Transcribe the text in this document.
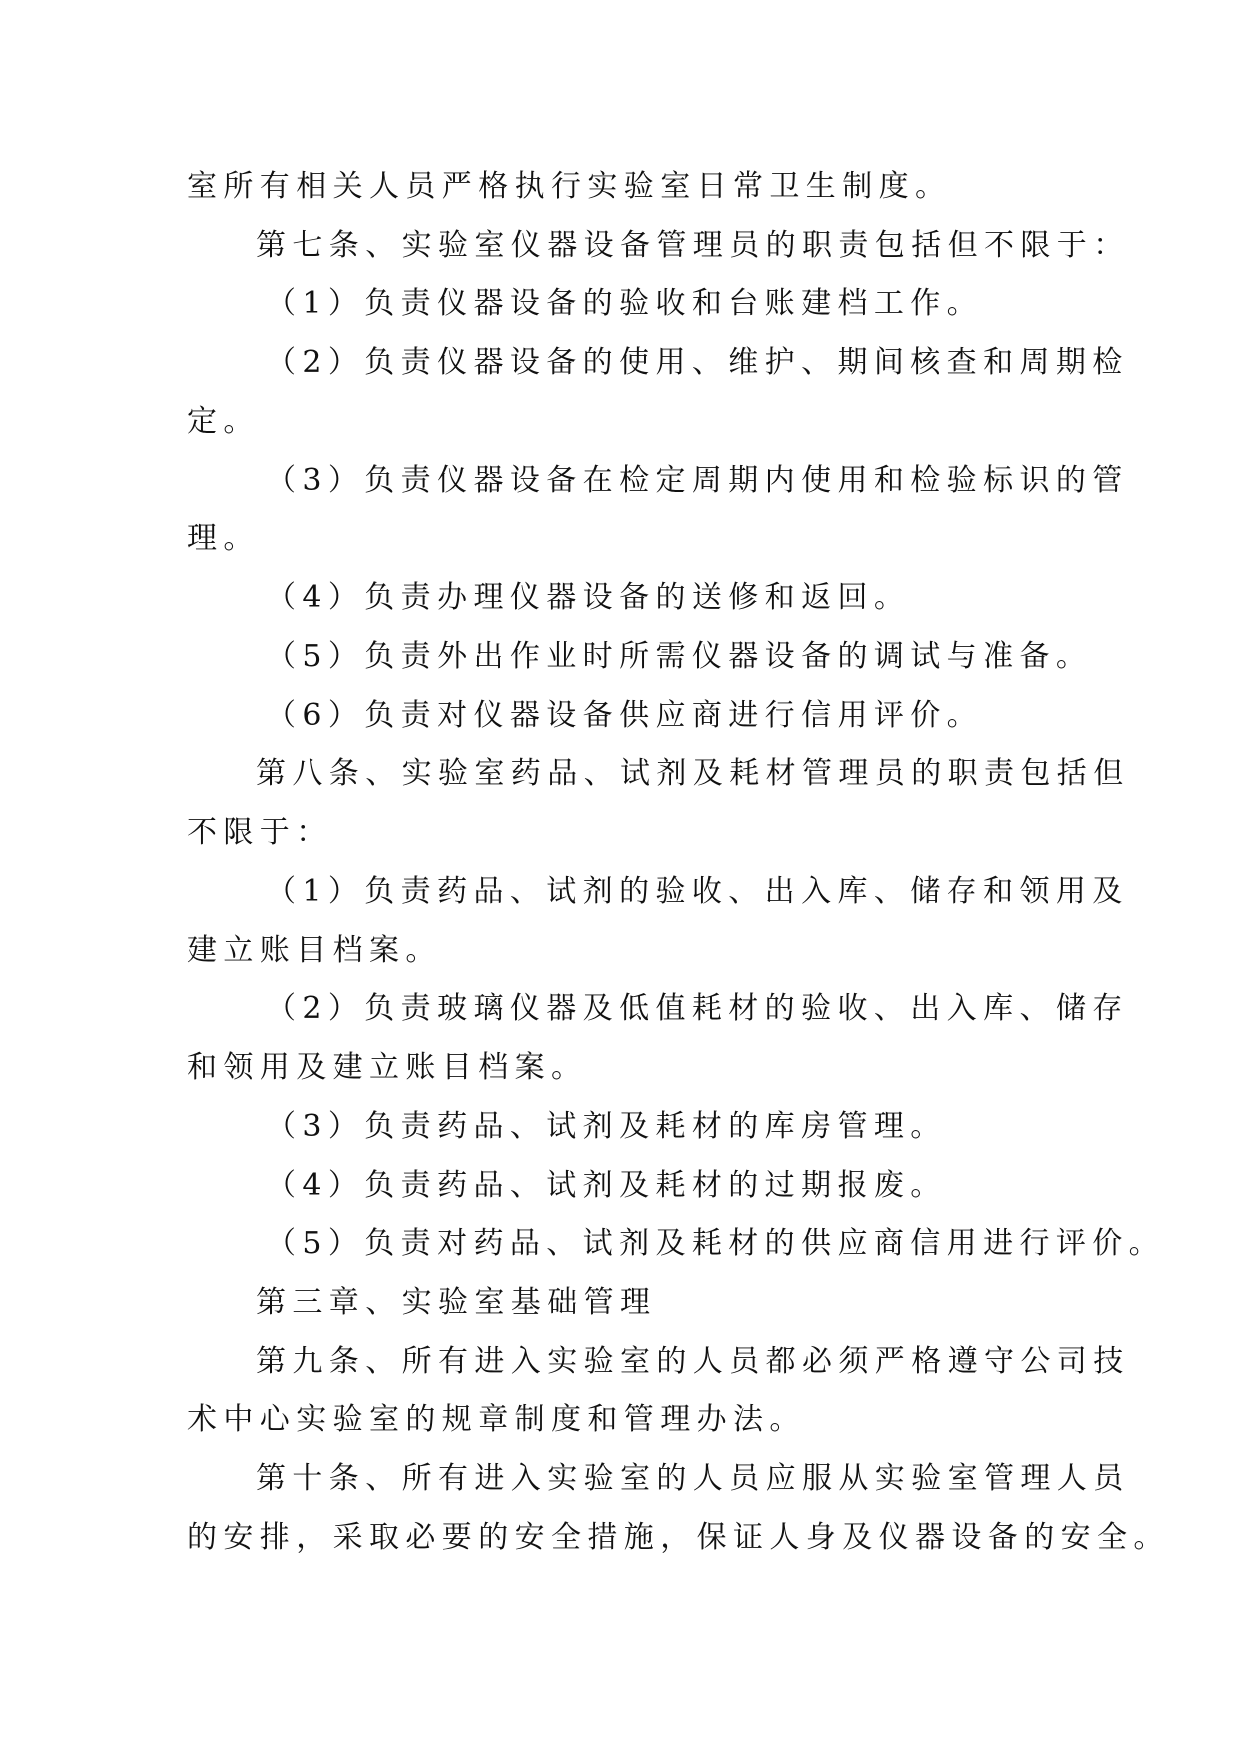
室所有相关人员严格执行实验室日常卫生制度。
第七条、实验室仪器设备管理员的职责包括但不限于：
（1）负责仪器设备的验收和台账建档工作。
（2）负责仪器设备的使用、维护、期间核查和周期检
定。
（3）负责仪器设备在检定周期内使用和检验标识的管
理。
（4）负责办理仪器设备的送修和返回。
（5）负责外出作业时所需仪器设备的调试与准备。
（6）负责对仪器设备供应商进行信用评价。
第八条、实验室药品、试剂及耗材管理员的职责包括但
不限于：
（1）负责药品、试剂的验收、出入库、储存和领用及
建立账目档案。
（2）负责玻璃仪器及低值耗材的验收、出入库、储存
和领用及建立账目档案。
（3）负责药品、试剂及耗材的库房管理。
（4）负责药品、试剂及耗材的过期报废。
（5）负责对药品、试剂及耗材的供应商信用进行评价。
第三章、实验室基础管理
第九条、所有进入实验室的人员都必须严格遵守公司技
术中心实验室的规章制度和管理办法。
第十条、所有进入实验室的人员应服从实验室管理人员
的安排，采取必要的安全措施，保证人身及仪器设备的安全。
